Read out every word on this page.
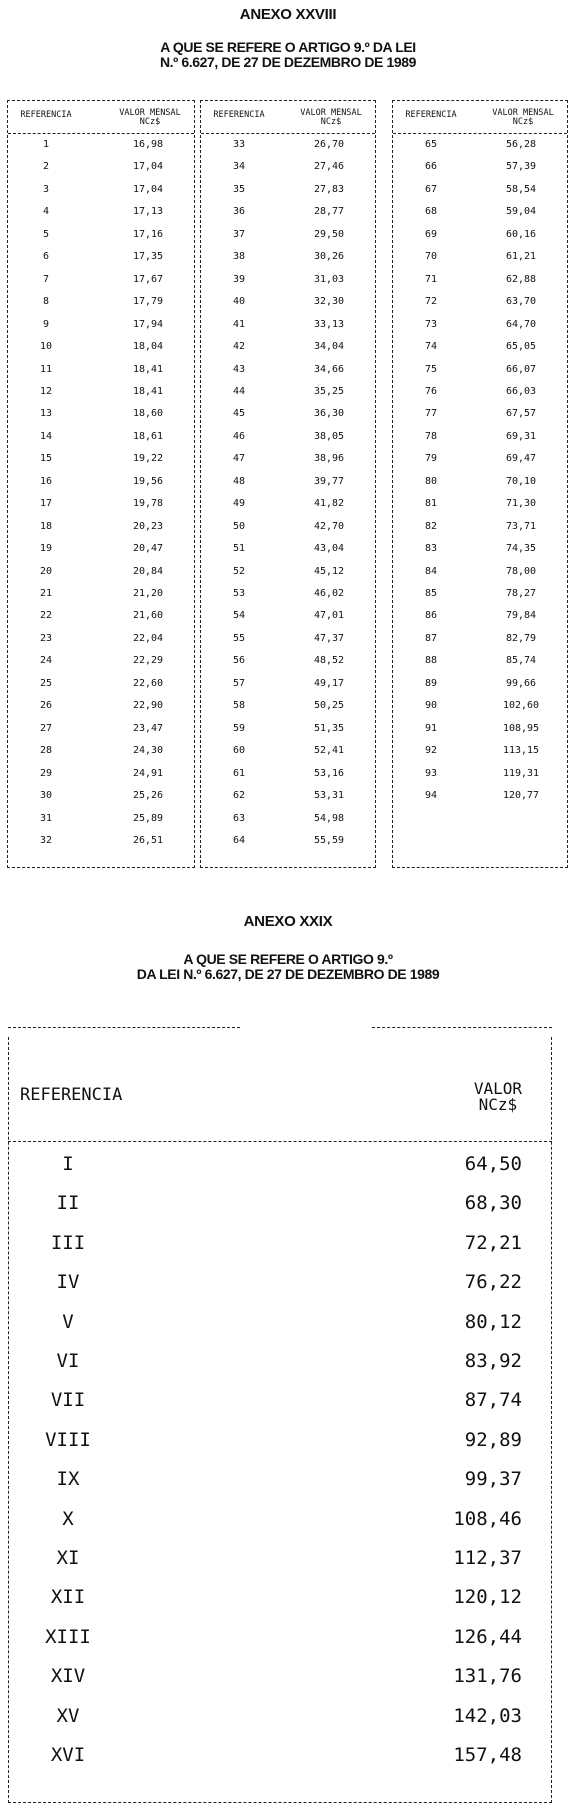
ANEXO XXVIII
A QUE SE REFERE O ARTIGO 9.º DA LEI
N.º 6.627, DE 27 DE DEZEMBRO DE 1989
REFERENCIA	VALOR MENSAL
NCz$
1	16,98
2	17,04
3	17,04
4	17,13
5	17,16
6	17,35
7	17,67
8	17,79
9	17,94
10	18,04
11	18,41
12	18,41
13	18,60
14	18,61
15	19,22
16	19,56
17	19,78
18	20,23
19	20,47
20	20,84
21	21,20
22	21,60
23	22,04
24	22,29
25	22,60
26	22,90
27	23,47
28	24,30
29	24,91
30	25,26
31	25,89
32	26,51
REFERENCIA	VALOR MENSAL
NCz$
33	26,70
34	27,46
35	27,83
36	28,77
37	29,50
38	30,26
39	31,03
40	32,30
41	33,13
42	34,04
43	34,66
44	35,25
45	36,30
46	38,05
47	38,96
48	39,77
49	41,82
50	42,70
51	43,04
52	45,12
53	46,02
54	47,01
55	47,37
56	48,52
57	49,17
58	50,25
59	51,35
60	52,41
61	53,16
62	53,31
63	54,98
64	55,59
REFERENCIA	VALOR MENSAL
NCz$
65	56,28
66	57,39
67	58,54
68	59,04
69	60,16
70	61,21
71	62,88
72	63,70
73	64,70
74	65,05
75	66,07
76	66,03
77	67,57
78	69,31
79	69,47
80	70,10
81	71,30
82	73,71
83	74,35
84	78,00
85	78,27
86	79,84
87	82,79
88	85,74
89	99,66
90	102,60
91	108,95
92	113,15
93	119,31
94	120,77
ANEXO XXIX
A QUE SE REFERE O ARTIGO 9.º
DA LEI N.º 6.627, DE 27 DE DEZEMBRO DE 1989
REFERENCIA	VALOR
NCz$
I	64,50
II	68,30
III	72,21
IV	76,22
V	80,12
VI	83,92
VII	87,74
VIII	92,89
IX	99,37
X	108,46
XI	112,37
XII	120,12
XIII	126,44
XIV	131,76
XV	142,03
XVI	157,48
